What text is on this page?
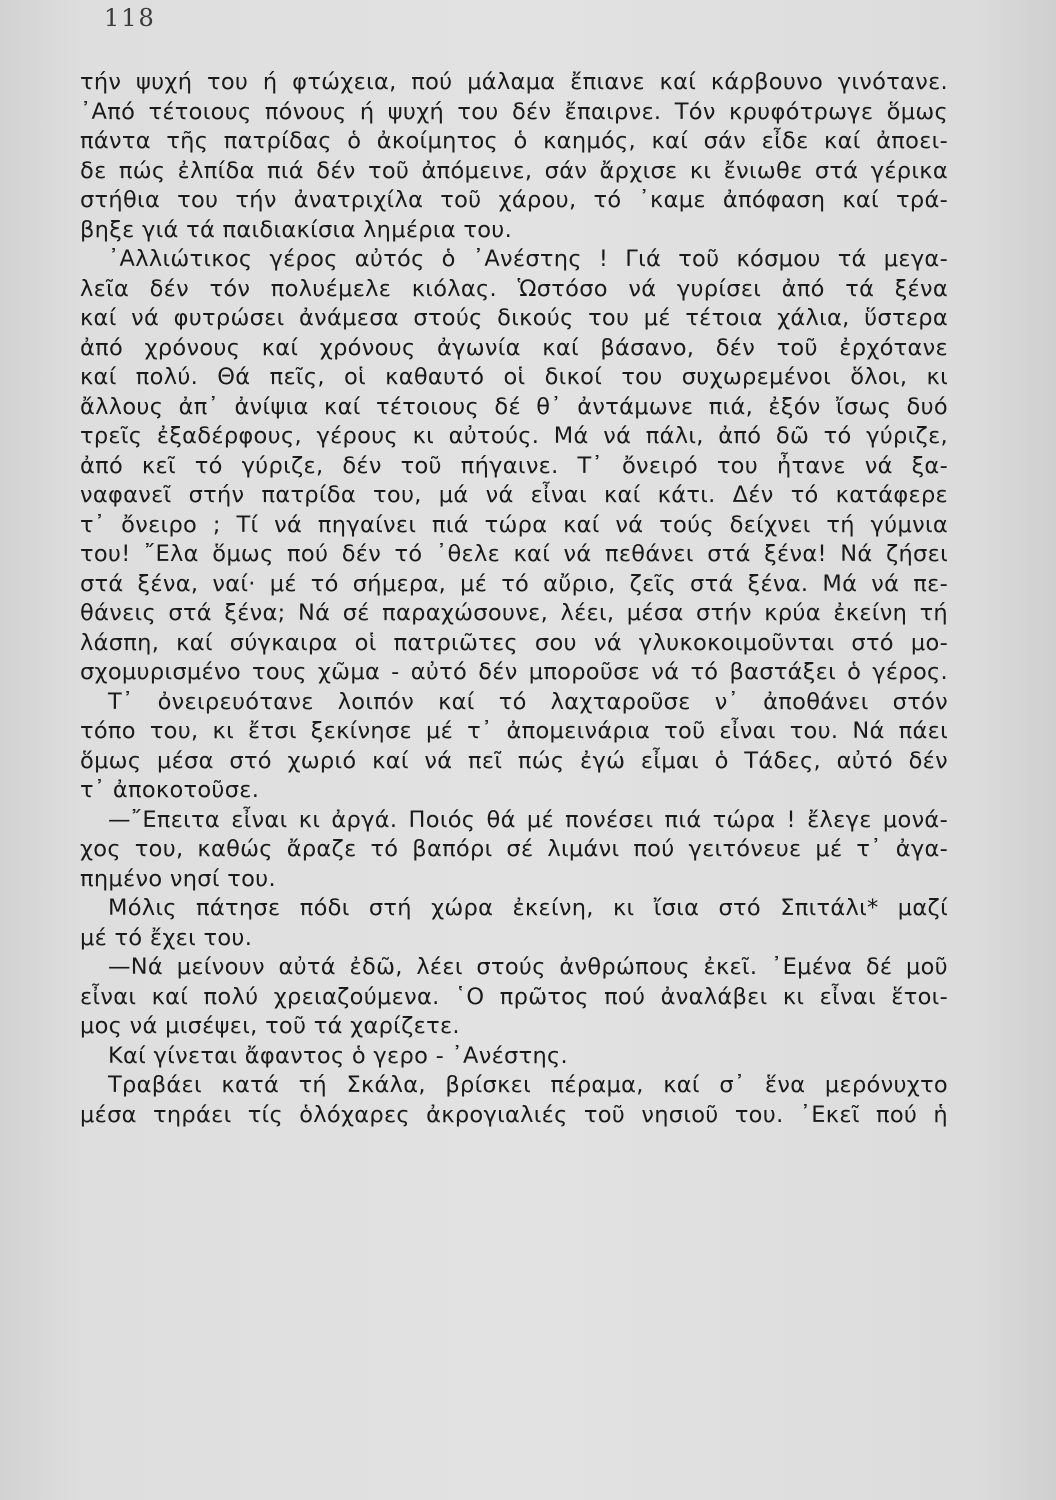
118
τήν ψυχή του ή φτώχεια, πού μάλαμα ἔπιανε καί κάρβουνο γινότανε.
᾿Από τέτοιους πόνους ή ψυχή του δέν ἔπαιρνε. Τόν κρυφότρωγε ὅμως
πάντα τῆς πατρίδας ὁ ἀκοίμητος ὁ καημός, καί σάν εἶδε καί ἀποει-
δε πώς ἐλπίδα πιά δέν τοῦ ἀπόμεινε, σάν ἄρχισε κι ἔνιωθε στά γέρικα
στήθια του τήν ἀνατριχίλα τοῦ χάρου, τό ᾿καμε ἀπόφαση καί τρά-
βηξε γιά τά παιδιακίσια λημέρια του.
᾿Αλλιώτικος γέρος αὐτός ὁ ᾿Ανέστης ! Γιά τοῦ κόσμου τά μεγα-
λεῖα δέν τόν πολυέμελε κιόλας. Ὡστόσο νά γυρίσει ἀπό τά ξένα
καί νά φυτρώσει ἀνάμεσα στούς δικούς του μέ τέτοια χάλια, ὕστερα
ἀπό χρόνους καί χρόνους ἀγωνία καί βάσανο, δέν τοῦ ἐρχότανε
καί πολύ. Θά πεῖς, οἱ καθαυτό οἱ δικοί του συχωρεμένοι ὅλοι, κι
ἄλλους ἀπ᾿ ἀνίψια καί τέτοιους δέ θ᾿ ἀντάμωνε πιά, ἐξόν ἴσως δυό
τρεῖς ἐξαδέρφους, γέρους κι αὐτούς. Μά νά πάλι, ἀπό δῶ τό γύριζε,
ἀπό κεῖ τό γύριζε, δέν τοῦ πήγαινε. Τ᾿ ὄνειρό του ἦτανε νά ξα-
ναφανεῖ στήν πατρίδα του, μά νά εἶναι καί κάτι. Δέν τό κατάφερε
τ᾿ ὄνειρο ; Τί νά πηγαίνει πιά τώρα καί νά τούς δείχνει τή γύμνια
του! ῎Ελα ὅμως πού δέν τό ᾿θελε καί νά πεθάνει στά ξένα! Νά ζήσει
στά ξένα, ναί· μέ τό σήμερα, μέ τό αὔριο, ζεῖς στά ξένα. Μά νά πε-
θάνεις στά ξένα; Νά σέ παραχώσουνε, λέει, μέσα στήν κρύα ἐκείνη τή
λάσπη, καί σύγκαιρα οἱ πατριῶτες σου νά γλυκοκοιμοῦνται στό μο-
σχομυρισμένο τους χῶμα - αὐτό δέν μποροῦσε νά τό βαστάξει ὁ γέρος.
Τ᾿ ὀνειρευότανε λοιπόν καί τό λαχταροῦσε ν᾿ ἀποθάνει στόν
τόπο του, κι ἔτσι ξεκίνησε μέ τ᾿ ἀπομεινάρια τοῦ εἶναι του. Νά πάει
ὅμως μέσα στό χωριό καί νά πεῖ πώς ἐγώ εἶμαι ὁ Τάδες, αὐτό δέν
τ᾿ ἀποκοτοῦσε.
—῎Επειτα εἶναι κι ἀργά. Ποιός θά μέ πονέσει πιά τώρα ! ἔλεγε μονά-
χος του, καθώς ἄραζε τό βαπόρι σέ λιμάνι πού γειτόνευε μέ τ᾿ ἀγα-
πημένο νησί του.
Μόλις πάτησε πόδι στή χώρα ἐκείνη, κι ἴσια στό Σπιτάλι* μαζί
μέ τό ἔχει του.
—Νά μείνουν αὐτά ἐδῶ, λέει στούς ἀνθρώπους ἐκεῖ. ᾿Εμένα δέ μοῦ
εἶναι καί πολύ χρειαζούμενα. ῾Ο πρῶτος πού ἀναλάβει κι εἶναι ἕτοι-
μος νά μισέψει, τοῦ τά χαρίζετε.
Καί γίνεται ἄφαντος ὁ γερο - ᾿Ανέστης.
Τραβάει κατά τή Σκάλα, βρίσκει πέραμα, καί σ᾿ ἕνα μερόνυχτο
μέσα τηράει τίς ὁλόχαρες ἀκρογιαλιές τοῦ νησιοῦ του. ᾿Εκεῖ πού ἡ
